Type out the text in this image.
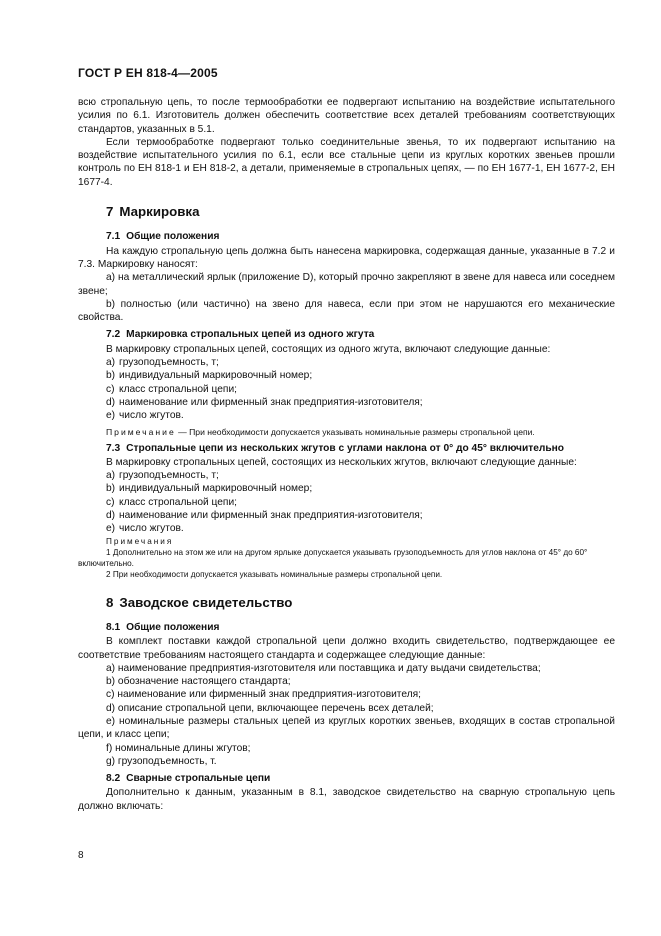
ГОСТ Р ЕН 818-4—2005

всю стропальную цепь, то после термообработки ее подвергают испытанию на воздействие испытательного усилия по 6.1. Изготовитель должен обеспечить соответствие всех деталей требованиям соответствующих стандартов, указанных в 5.1.

Если термообработке подвергают только соединительные звенья, то их подвергают испытанию на воздействие испытательного усилия по 6.1, если все стальные цепи из круглых коротких звеньев прошли контроль по ЕН 818-1 и ЕН 818-2, а детали, применяемые в стропальных цепях, — по ЕН 1677-1, ЕН 1677-2, ЕН 1677-4.

7 Маркировка
7.1 Общие положения

На каждую стропальную цепь должна быть нанесена маркировка, содержащая данные, указанные в 7.2 и 7.3. Маркировку наносят:

a) на металлический ярлык (приложение D), который прочно закрепляют в звене для навеса или соседнем звене;

b) полностью (или частично) на звено для навеса, если при этом не нарушаются его механические свойства.

7.2 Маркировка стропальных цепей из одного жгута

В маркировку стропальных цепей, состоящих из одного жгута, включают следующие данные:

a) грузоподъемность, т;

b) индивидуальный маркировочный номер;

c) класс стропальной цепи;

d) наименование или фирменный знак предприятия-изготовителя;

e) число жгутов.

Примечание — При необходимости допускается указывать номинальные размеры стропальной цепи.

7.3 Стропальные цепи из нескольких жгутов с углами наклона от 0° до 45° включительно

В маркировку стропальных цепей, состоящих из нескольких жгутов, включают следующие данные:

a) грузоподъемность, т;

b) индивидуальный маркировочный номер;

c) класс стропальной цепи;

d) наименование или фирменный знак предприятия-изготовителя;

e) число жгутов.

Примечания
1 Дополнительно на этом же или на другом ярлыке допускается указывать грузоподъемность для углов наклона от 45° до 60° включительно.
2 При необходимости допускается указывать номинальные размеры стропальной цепи.
8 Заводское свидетельство
8.1 Общие положения

В комплект поставки каждой стропальной цепи должно входить свидетельство, подтверждающее ее соответствие требованиям настоящего стандарта и содержащее следующие данные:

a) наименование предприятия-изготовителя или поставщика и дату выдачи свидетельства;

b) обозначение настоящего стандарта;

c) наименование или фирменный знак предприятия-изготовителя;

d) описание стропальной цепи, включающее перечень всех деталей;

e) номинальные размеры стальных цепей из круглых коротких звеньев, входящих в состав стропальной цепи, и класс цепи;

f) номинальные длины жгутов;

g) грузоподъемность, т.

8.2 Сварные стропальные цепи

Дополнительно к данным, указанным в 8.1, заводское свидетельство на сварную стропальную цепь должно включать:

8
